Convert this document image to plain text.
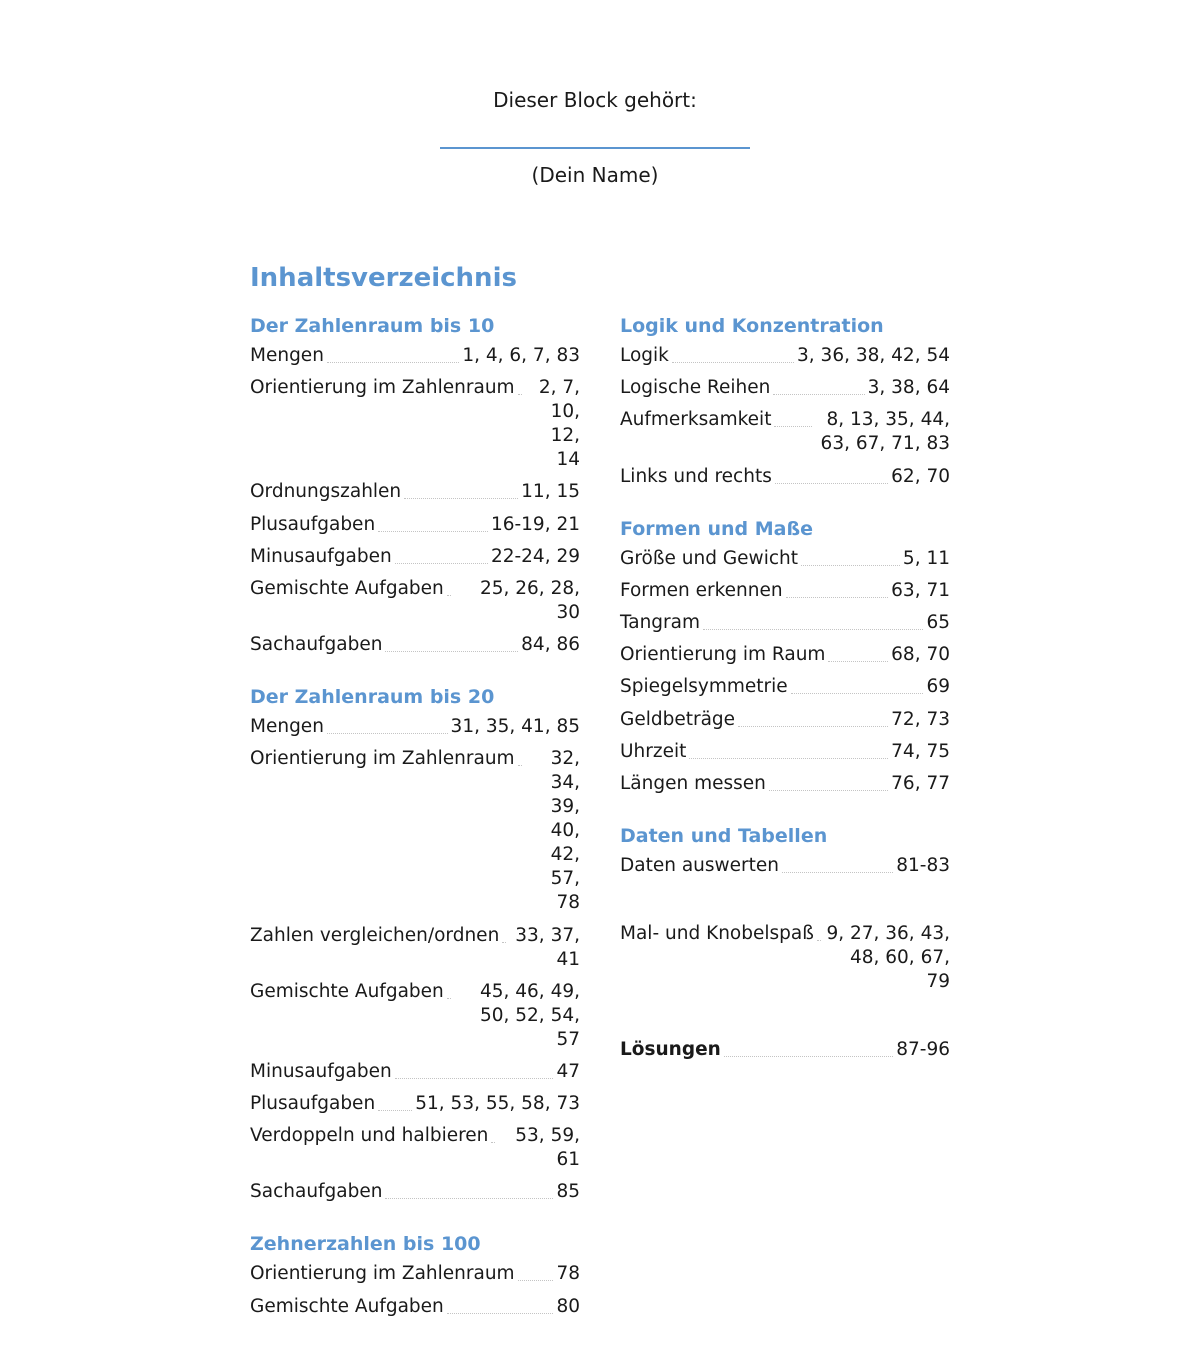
Dieser Block gehört:
(Dein Name)
Inhaltsverzeichnis
Der Zahlenraum bis 10
Mengen	1, 4, 6, 7, 83
Orientierung im Zahlenraum	2, 7, 10, 12, 14
Ordnungszahlen	11, 15
Plusaufgaben	16-19, 21
Minusaufgaben	22-24, 29
Gemischte Aufgaben	25, 26, 28, 30
Sachaufgaben	84, 86
Der Zahlenraum bis 20
Mengen	31, 35, 41, 85
Orientierung im Zahlenraum	32, 34, 39, 40, 42, 57, 78
Zahlen vergleichen/ordnen 33, 37, 41
Gemischte Aufgaben	45, 46, 49, 50, 52, 54, 57
Minusaufgaben	47
Plusaufgaben 51, 53, 55, 58, 73
Verdoppeln und halbieren	53, 59, 61
Sachaufgaben	85
Zehnerzahlen bis 100
Orientierung im Zahlenraum 78
Gemischte Aufgaben	80
Logik und Konzentration
Logik	3, 36, 38, 42, 54
Logische Reihen	3, 38, 64
Aufmerksamkeit	8, 13, 35, 44, 63, 67, 71, 83
Links und rechts	62, 70
Formen und Maße
Größe und Gewicht	5, 11
Formen erkennen	63, 71
Tangram	65
Orientierung im Raum	68, 70
Spiegelsymmetrie	69
Geldbeträge	72, 73
Uhrzeit	74, 75
Längen messen	76, 77
Daten und Tabellen
Daten auswerten	81-83
Mal- und Knobelspaß 9, 27, 36, 43, 48, 60, 67, 79
Lösungen	87-96
